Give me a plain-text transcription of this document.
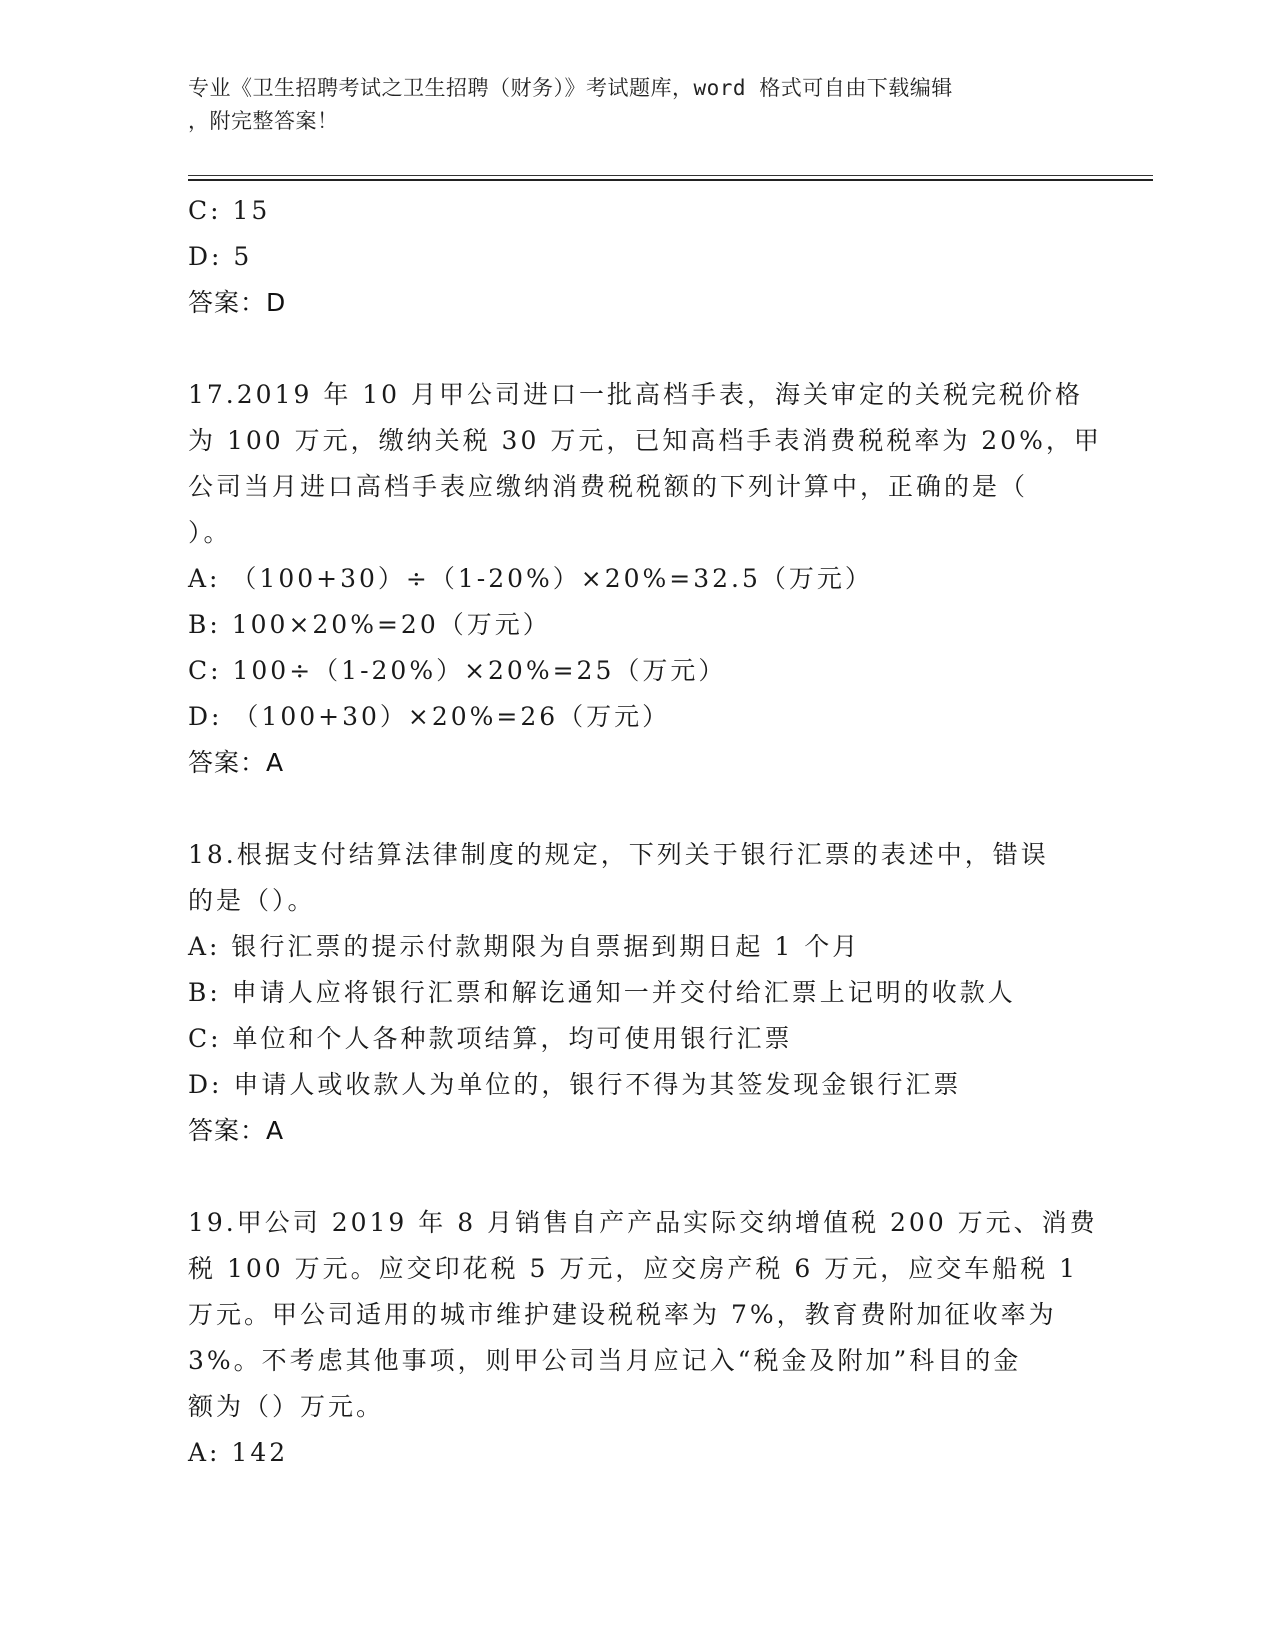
专业《卫生招聘考试之卫生招聘（财务）》考试题库，word 格式可自由下载编辑
，附完整答案！
C: 15
D: 5
答案：D
17.2019 年 10 月甲公司进口一批高档手表，海关审定的关税完税价格
为 100 万元，缴纳关税 30 万元，已知高档手表消费税税率为 20%，甲
公司当月进口高档手表应缴纳消费税税额的下列计算中，正确的是（
）。
A: （100+30）÷（1-20%）×20%=32.5（万元）
B: 100×20%=20（万元）
C: 100÷（1-20%）×20%=25（万元）
D: （100+30）×20%=26（万元）
答案：A
18.根据支付结算法律制度的规定，下列关于银行汇票的表述中，错误
的是（）。
A: 银行汇票的提示付款期限为自票据到期日起 1 个月
B: 申请人应将银行汇票和解讫通知一并交付给汇票上记明的收款人
C: 单位和个人各种款项结算，均可使用银行汇票
D: 申请人或收款人为单位的，银行不得为其签发现金银行汇票
答案：A
19.甲公司 2019 年 8 月销售自产产品实际交纳增值税 200 万元、消费
税 100 万元。应交印花税 5 万元，应交房产税 6 万元，应交车船税 1
万元。甲公司适用的城市维护建设税税率为 7%，教育费附加征收率为
3%。不考虑其他事项，则甲公司当月应记入“税金及附加”科目的金
额为（）万元。
A: 142
